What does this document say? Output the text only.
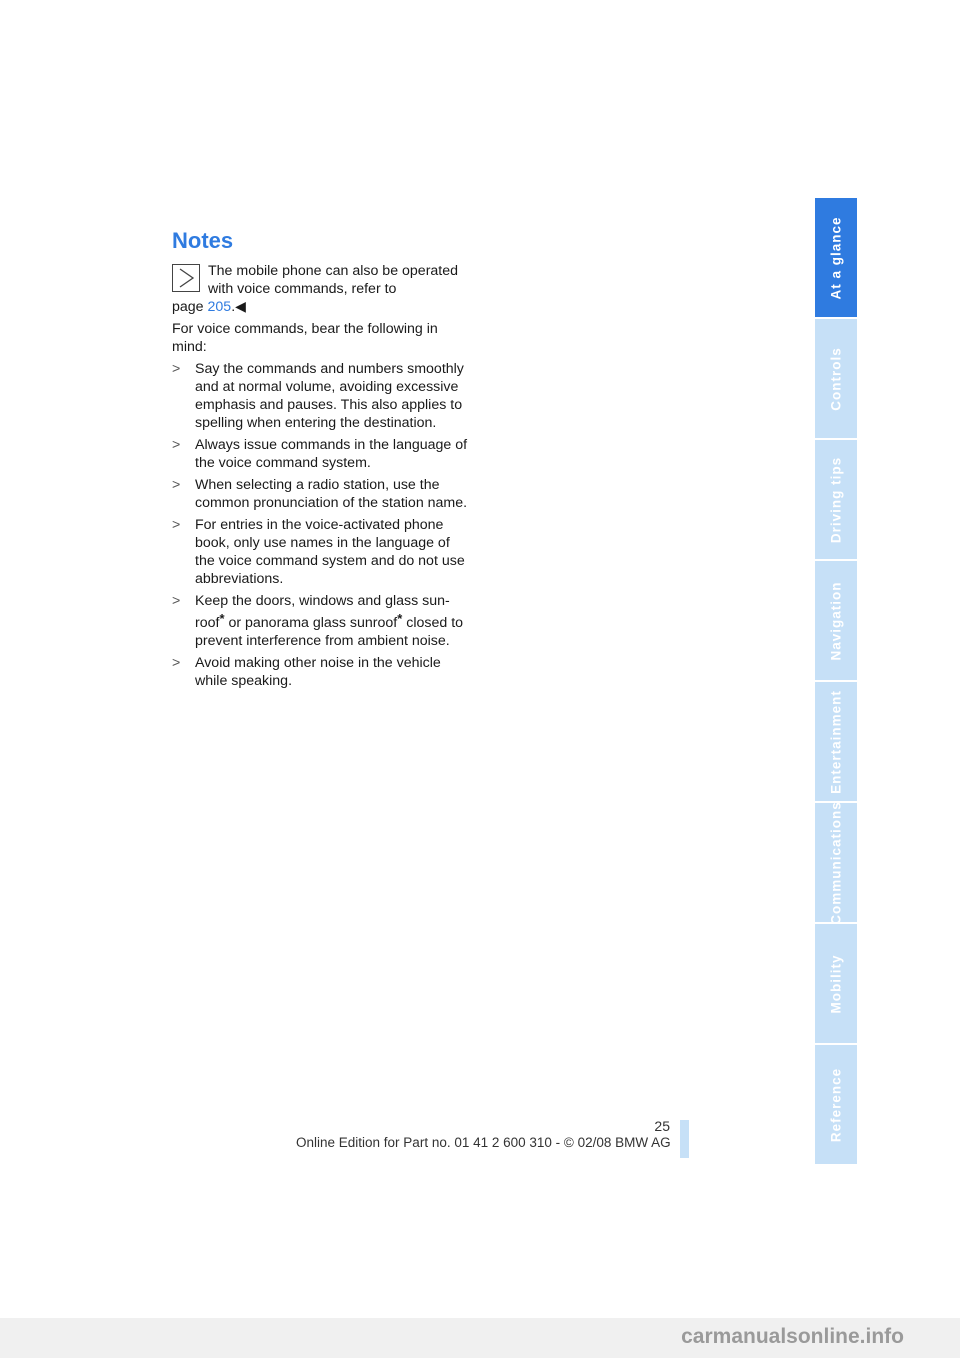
Notes

The mobile phone can also be operated

with voice commands, refer to

page 205.◀

For voice commands, bear the following in mind:

> Say the commands and numbers smoothly and at normal volume, avoiding excessive emphasis and pauses. This also applies to spelling when entering the destination.
> Always issue commands in the language of the voice command system.
> When selecting a radio station, use the common pronunciation of the station name.
> For entries in the voice-activated phone book, only use names in the language of the voice command system and do not use abbreviations.
> Keep the doors, windows and glass sun-roof* or panorama glass sunroof* closed to prevent interference from ambient noise.
> Avoid making other noise in the vehicle while speaking.
At a glance
Controls
Driving tips
Navigation
Entertainment
Communications
Mobility
Reference
25
Online Edition for Part no. 01 41 2 600 310 - © 02/08 BMW AG
carmanualsonline.info
